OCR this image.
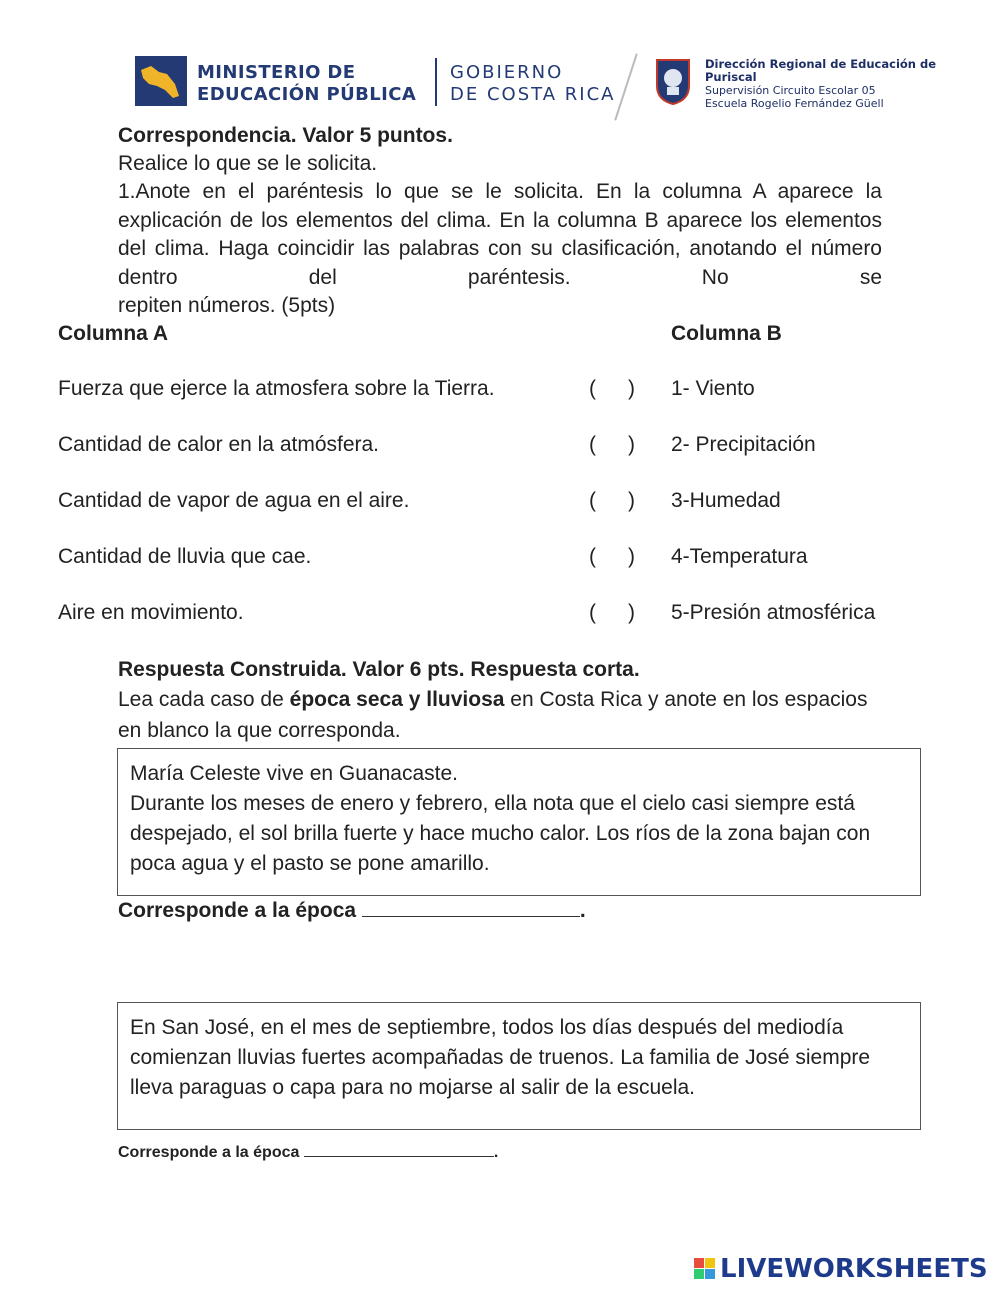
MINISTERIO DE
EDUCACIÓN PÚBLICA
GOBIERNO
DE COSTA RICA
Dirección Regional de Educación de Puriscal
Supervisión Circuito Escolar 05
Escuela Rogelio Fernández Güell
Correspondencia. Valor 5 puntos.
Realice lo que se le solicita.
1.Anote en el paréntesis lo que se le solicita. En la columna A aparece la explicación de los elementos del clima. En la columna B aparece los elementos del clima. Haga coincidir las palabras con su clasificación, anotando el número dentro del paréntesis. No se
repiten números. (5pts)
Columna A	Columna B
Fuerza que ejerce la atmosfera sobre la Tierra.	( ) 1- Viento
Cantidad de calor en la atmósfera.	( ) 2- Precipitación
Cantidad de vapor de agua en el aire.	( ) 3-Humedad
Cantidad de lluvia que cae.	( ) 4-Temperatura
Aire en movimiento.	( ) 5-Presión atmosférica
Respuesta Construida. Valor 6 pts. Respuesta corta.
Lea cada caso de época seca y lluviosa en Costa Rica y anote en los espacios en blanco la que corresponda.

María Celeste vive en Guanacaste.

Durante los meses de enero y febrero, ella nota que el cielo casi siempre está despejado, el sol brilla fuerte y hace mucho calor. Los ríos de la zona bajan con poca agua y el pasto se pone amarillo.

Corresponde a la época	.

En San José, en el mes de septiembre, todos los días después del mediodía comienzan lluvias fuertes acompañadas de truenos. La familia de José siempre lleva paraguas o capa para no mojarse al salir de la escuela.

Corresponde a la época	.
LIVEWORKSHEETS
